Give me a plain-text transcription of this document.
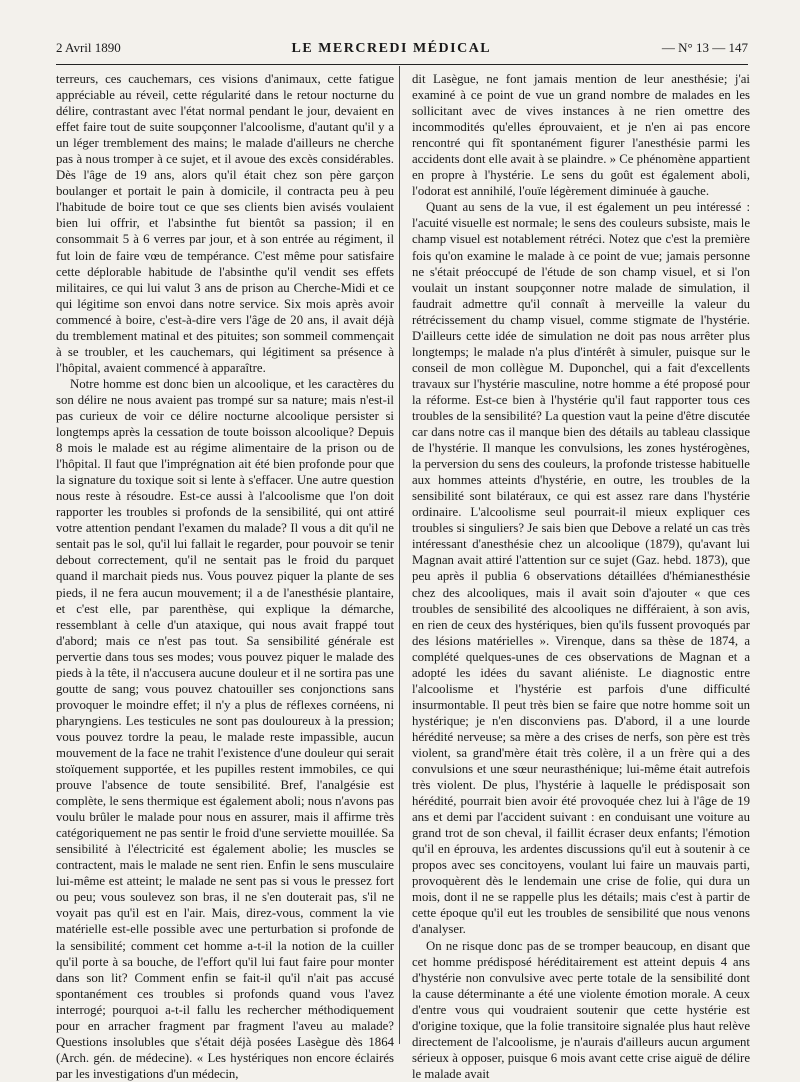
2 Avril 1890	LE MERCREDI MÉDICAL	— N° 13 — 147

terreurs, ces cauchemars, ces visions d'animaux, cette fatigue appréciable au réveil, cette régularité dans le retour nocturne du délire, contrastant avec l'état normal pendant le jour, devaient en effet faire tout de suite soupçonner l'alcoolisme, d'autant qu'il y a un léger tremblement des mains; le malade d'ailleurs ne cherche pas à nous tromper à ce sujet, et il avoue des excès considérables. Dès l'âge de 19 ans, alors qu'il était chez son père garçon boulanger et portait le pain à domicile, il contracta peu à peu l'habitude de boire tout ce que ses clients bien avisés voulaient bien lui offrir, et l'absinthe fut bientôt sa passion; il en consommait 5 à 6 verres par jour, et à son entrée au régiment, il fut loin de faire vœu de tempérance. C'est même pour satisfaire cette déplorable habitude de l'absinthe qu'il vendit ses effets militaires, ce qui lui valut 3 ans de prison au Cherche-Midi et ce qui légitime son envoi dans notre service. Six mois après avoir commencé à boire, c'est-à-dire vers l'âge de 20 ans, il avait déjà du tremblement matinal et des pituites; son sommeil commençait à se troubler, et les cauchemars, qui légitiment sa présence à l'hôpital, avaient commencé à apparaître.

Notre homme est donc bien un alcoolique, et les caractères du son délire ne nous avaient pas trompé sur sa nature; mais n'est-il pas curieux de voir ce délire nocturne alcoolique persister si longtemps après la cessation de toute boisson alcoolique? Depuis 8 mois le malade est au régime alimentaire de la prison ou de l'hôpital. Il faut que l'imprégnation ait été bien profonde pour que la signature du toxique soit si lente à s'effacer. Une autre question nous reste à résoudre. Est-ce aussi à l'alcoolisme que l'on doit rapporter les troubles si profonds de la sensibilité, qui ont attiré votre attention pendant l'examen du malade? Il vous a dit qu'il ne sentait pas le sol, qu'il lui fallait le regarder, pour pouvoir se tenir debout correctement, qu'il ne sentait pas le froid du parquet quand il marchait pieds nus. Vous pouvez piquer la plante de ses pieds, il ne fera aucun mouvement; il a de l'anesthésie plantaire, et c'est elle, par parenthèse, qui explique la démarche, ressemblant à celle d'un ataxique, qui nous avait frappé tout d'abord; mais ce n'est pas tout. Sa sensibilité générale est pervertie dans tous ses modes; vous pouvez piquer le malade des pieds à la tête, il n'accusera aucune douleur et il ne sortira pas une goutte de sang; vous pouvez chatouiller ses conjonctions sans provoquer le moindre effet; il n'y a plus de réflexes cornéens, ni pharyngiens. Les testicules ne sont pas douloureux à la pression; vous pouvez tordre la peau, le malade reste impassible, aucun mouvement de la face ne trahit l'existence d'une douleur qui serait stoïquement supportée, et les pupilles restent immobiles, ce qui prouve l'absence de toute sensibilité. Bref, l'analgésie est complète, le sens thermique est également aboli; nous n'avons pas voulu brûler le malade pour nous en assurer, mais il affirme très catégoriquement ne pas sentir le froid d'une serviette mouillée. Sa sensibilité à l'électricité est également abolie; les muscles se contractent, mais le malade ne sent rien. Enfin le sens musculaire lui-même est atteint; le malade ne sent pas si vous le pressez fort ou peu; vous soulevez son bras, il ne s'en douterait pas, s'il ne voyait pas qu'il est en l'air. Mais, direz-vous, comment la vie matérielle est-elle possible avec une perturbation si profonde de la sensibilité; comment cet homme a-t-il la notion de la cuiller qu'il porte à sa bouche, de l'effort qu'il lui faut faire pour monter dans son lit? Comment enfin se fait-il qu'il n'ait pas accusé spontanément ces troubles si profonds quand vous l'avez interrogé; pourquoi a-t-il fallu les rechercher méthodiquement pour en arracher fragment par fragment l'aveu au malade? Questions insolubles que s'était déjà posées Lasègue dès 1864 (Arch. gén. de médecine). « Les hystériques non encore éclairés par les investigations d'un médecin,

dit Lasègue, ne font jamais mention de leur anesthésie; j'ai examiné à ce point de vue un grand nombre de malades en les sollicitant avec de vives instances à ne rien omettre des incommodités qu'elles éprouvaient, et je n'en ai pas encore rencontré qui fît spontanément figurer l'anesthésie parmi les accidents dont elle avait à se plaindre. » Ce phénomène appartient en propre à l'hystérie. Le sens du goût est également aboli, l'odorat est annihilé, l'ouïe légèrement diminuée à gauche.

Quant au sens de la vue, il est également un peu intéressé : l'acuité visuelle est normale; le sens des couleurs subsiste, mais le champ visuel est notablement rétréci. Notez que c'est la première fois qu'on examine le malade à ce point de vue; jamais personne ne s'était préoccupé de l'étude de son champ visuel, et si l'on voulait un instant soupçonner notre malade de simulation, il faudrait admettre qu'il connaît à merveille la valeur du rétrécissement du champ visuel, comme stigmate de l'hystérie. D'ailleurs cette idée de simulation ne doit pas nous arrêter plus longtemps; le malade n'a plus d'intérêt à simuler, puisque sur le conseil de mon collègue M. Duponchel, qui a fait d'excellents travaux sur l'hystérie masculine, notre homme a été proposé pour la réforme. Est-ce bien à l'hystérie qu'il faut rapporter tous ces troubles de la sensibilité? La question vaut la peine d'être discutée car dans notre cas il manque bien des détails au tableau classique de l'hystérie. Il manque les convulsions, les zones hystérogènes, la perversion du sens des couleurs, la profonde tristesse habituelle aux hommes atteints d'hystérie, en outre, les troubles de la sensibilité sont bilatéraux, ce qui est assez rare dans l'hystérie ordinaire. L'alcoolisme seul pourrait-il mieux expliquer ces troubles si singuliers? Je sais bien que Debove a relaté un cas très intéressant d'anesthésie chez un alcoolique (1879), qu'avant lui Magnan avait attiré l'attention sur ce sujet (Gaz. hebd. 1873), que peu après il publia 6 observations détaillées d'hémianesthésie chez des alcooliques, mais il avait soin d'ajouter « que ces troubles de sensibilité des alcooliques ne différaient, à son avis, en rien de ceux des hystériques, bien qu'ils fussent provoqués par des lésions matérielles ». Virenque, dans sa thèse de 1874, a complété quelques-unes de ces observations de Magnan et a adopté les idées du savant aliéniste. Le diagnostic entre l'alcoolisme et l'hystérie est parfois d'une difficulté insurmontable. Il peut très bien se faire que notre homme soit un hystérique; je n'en disconviens pas. D'abord, il a une lourde hérédité nerveuse; sa mère a des crises de nerfs, son père est très violent, sa grand'mère était très colère, il a un frère qui a des convulsions et une sœur neurasthénique; lui-même était autrefois très violent. De plus, l'hystérie à laquelle le prédisposait son hérédité, pourrait bien avoir été provoquée chez lui à l'âge de 19 ans et demi par l'accident suivant : en conduisant une voiture au grand trot de son cheval, il faillit écraser deux enfants; l'émotion qu'il en éprouva, les ardentes discussions qu'il eut à soutenir à ce propos avec ses concitoyens, voulant lui faire un mauvais parti, provoquèrent dès le lendemain une crise de folie, qui dura un mois, dont il ne se rappelle plus les détails; mais c'est à partir de cette époque qu'il eut les troubles de sensibilité que nous venons d'analyser.

On ne risque donc pas de se tromper beaucoup, en disant que cet homme prédisposé héréditairement est atteint depuis 4 ans d'hystérie non convulsive avec perte totale de la sensibilité dont la cause déterminante a été une violente émotion morale. A ceux d'entre vous qui voudraient soutenir que cette hystérie est d'origine toxique, que la folie transitoire signalée plus haut relève directement de l'alcoolisme, je n'aurais d'ailleurs aucun argument sérieux à opposer, puisque 6 mois avant cette crise aiguë de délire le malade avait
